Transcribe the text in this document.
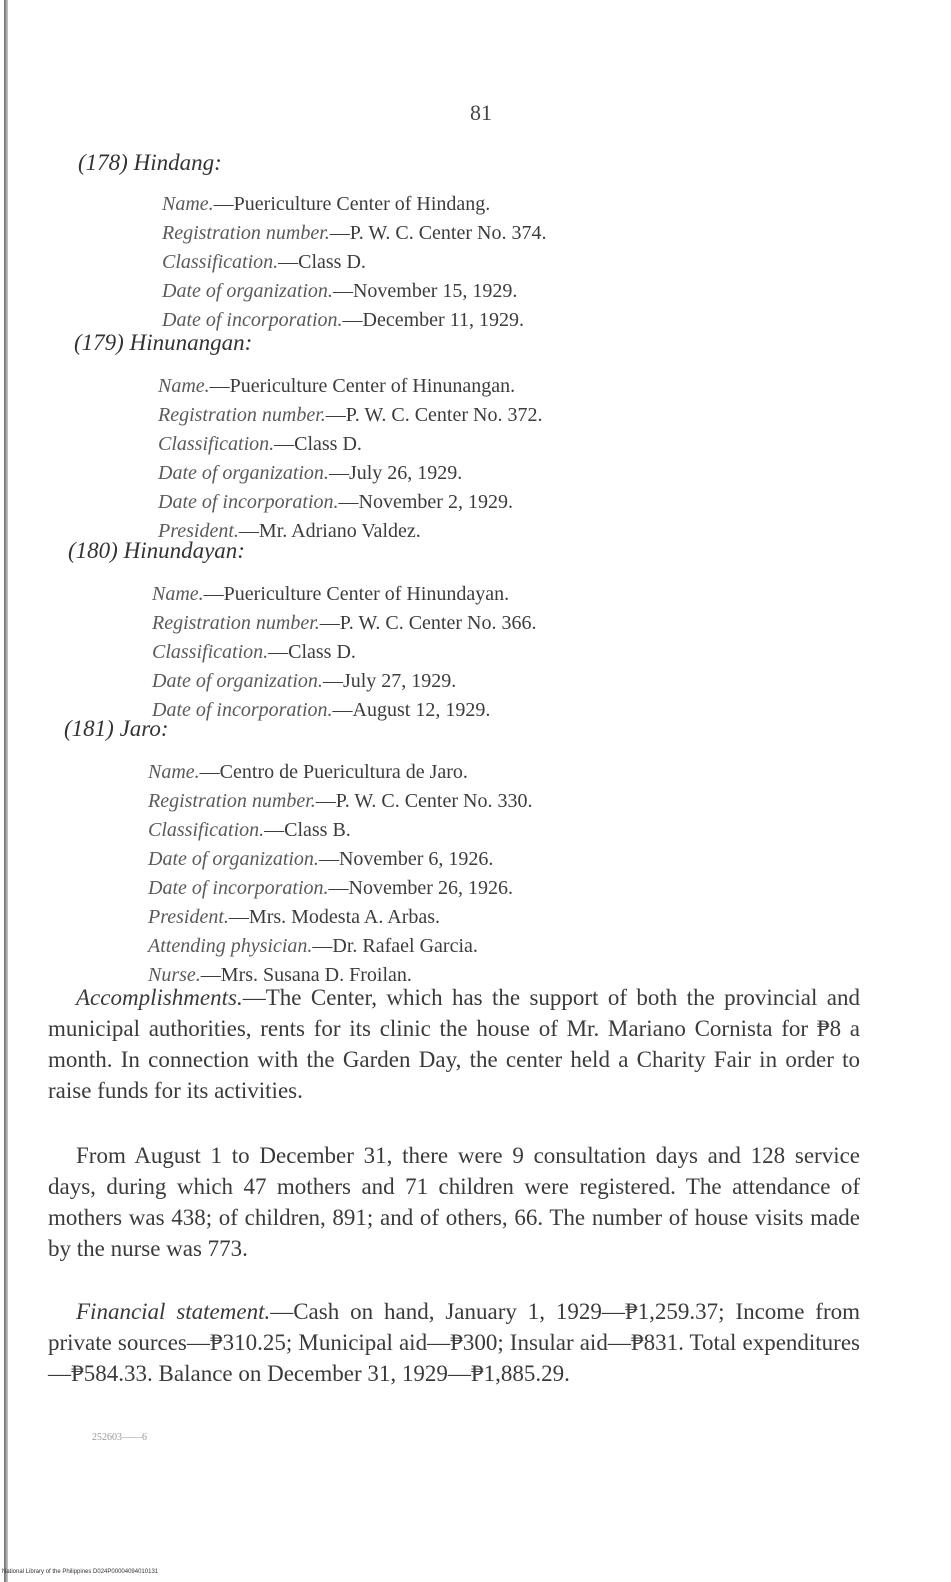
81
(178) Hindang:
Name.—Puericulture Center of Hindang.
Registration number.—P. W. C. Center No. 374.
Classification.—Class D.
Date of organization.—November 15, 1929.
Date of incorporation.—December 11, 1929.
(179) Hinunangan:
Name.—Puericulture Center of Hinunangan.
Registration number.—P. W. C. Center No. 372.
Classification.—Class D.
Date of organization.—July 26, 1929.
Date of incorporation.—November 2, 1929.
President.—Mr. Adriano Valdez.
(180) Hinundayan:
Name.—Puericulture Center of Hinundayan.
Registration number.—P. W. C. Center No. 366.
Classification.—Class D.
Date of organization.—July 27, 1929.
Date of incorporation.—August 12, 1929.
(181) Jaro:
Name.—Centro de Puericultura de Jaro.
Registration number.—P. W. C. Center No. 330.
Classification.—Class B.
Date of organization.—November 6, 1926.
Date of incorporation.—November 26, 1926.
President.—Mrs. Modesta A. Arbas.
Attending physician.—Dr. Rafael Garcia.
Nurse.—Mrs. Susana D. Froilan.
Accomplishments.—The Center, which has the support of both the provincial and municipal authorities, rents for its clinic the house of Mr. Mariano Cornista for ₱8 a month. In connection with the Garden Day, the center held a Charity Fair in order to raise funds for its activities.
From August 1 to December 31, there were 9 consultation days and 128 service days, during which 47 mothers and 71 children were registered. The attendance of mothers was 438; of children, 891; and of others, 66. The number of house visits made by the nurse was 773.
Financial statement.—Cash on hand, January 1, 1929—₱1,259.37; Income from private sources—₱310.25; Municipal aid—₱300; Insular aid—₱831. Total expenditures—₱584.33. Balance on December 31, 1929—₱1,885.29.
252603——6
National Library of the Philippines D024P00004094010131
